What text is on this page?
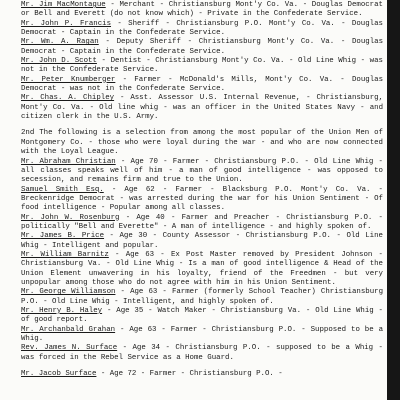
Mr. Jim MacMontague - Merchant - Christiansburg Mont'y Co. Va. - Douglas Democrat or Bell and Everett (do not know which) - Private in the Confederate Service.

Mr. John P. Francis - Sheriff - Christiansburg P.O. Mont'y Co. Va. - Douglas Democrat - Captain in the Confederate Service.

Mr. Wm. A. Ragan - Deputy Sheriff - Christiansburg Mont'y Co. Va. - Douglas Democrat - Captain in the Confederate Service.

Mr. John D. Scott - Dentist - Christiansburg Mont'y Co. Va. - Old Line Whig - was not in the Confederate Service.

Mr. Peter Knumberger - Farmer - McDonald's Mills, Mont'y Co. Va. - Douglas Democrat - was not in the Confederate Service.

Mr. Chas. A. Chipley - Asst. Assessor U.S. Internal Revenue, - Christiansburg, Mont'y Co. Va. - Old line whig - was an officer in the United States Navy - and citizen clerk in the U.S. Army.

2nd The following is a selection from among the most popular of the Union Men of Montgomery Co. - those who were loyal during the war - and who are now connected with the Loyal League.

Mr. Abraham Christian - Age 70 - Farmer - Christiansburg P.O. - Old Line Whig - all classes speaks well of him - a man of good intelligence - was opposed to secession, and remains firm and true to the Union.

Samuel Smith Esq. - Age 62 - Farmer - Blacksburg P.O. Mont'y Co. Va. - Breckenridge Democrat - was arrested during the war for his Union Sentiment - Of food intelligence - Popular among all classes.

Mr. John W. Rosenburg - Age 40 - Farmer and Preacher - Christiansburg P.O. - politically "Bell and Everette" - A man of intelligence - and highly spoken of.

Mr. James B. Price - Age 30 - County Assessor - Christiansburg P.O. - Old Line Whig - Intelligent and popular.

Mr. William Barnitz - Age 63 - Ex Post Master removed by President Johnson - Christiansburg Va. - Old Line Whig - Is a man of good intelligence & Head of the Union Element unwavering in his loyalty, friend of the Freedmen - but very unpopular among those who do not agree with him in his Union Sentiment.

Mr. George Williamson - Age 63 - Farmer (formerly School Teacher) Christiansburg P.O. - Old Line Whig - Intelligent, and highly spoken of.

Mr. Henry B. Haley - Age 35 - Watch Maker - Christiansburg Va. - Old Line Whig - of good report.

Mr. Archanbald Grahan - Age 63 - Farmer - Christiansburg P.O. - Supposed to be a Whig.

Rev. James N. Surface - Age 34 - Christiansburg P.O. - supposed to be a Whig - was forced in the Rebel Service as a Home Guard.

Mr. Jacob Surface - Age 72 - Farmer - Christiansburg P.O. -
